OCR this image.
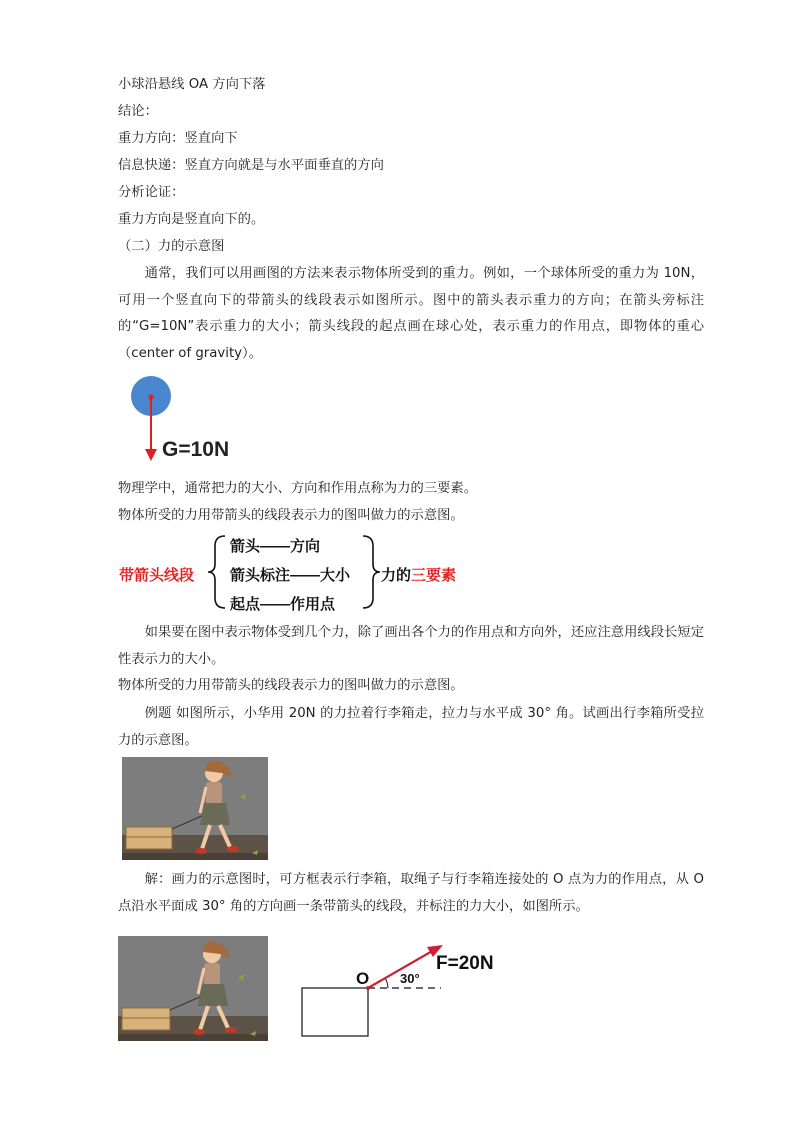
小球沿悬线 OA 方向下落
结论：
重力方向：竖直向下
信息快递：竖直方向就是与水平面垂直的方向
分析论证：
重力方向是竖直向下的。
（二）力的示意图
通常，我们可以用画图的方法来表示物体所受到的重力。例如，一个球体所受的重力为 10N，可用一个竖直向下的带箭头的线段表示如图所示。图中的箭头表示重力的方向；在箭头旁标注的“G=10N”表示重力的大小；箭头线段的起点画在球心处，表示重力的作用点，即物体的重心（center of gravity）。
G=10N
物理学中，通常把力的大小、方向和作用点称为力的三要素。
物体所受的力用带箭头的线段表示力的图叫做力的示意图。
带箭头线段
箭头——方向
箭头标注——大小
起点——作用点
力的三要素
如果要在图中表示物体受到几个力，除了画出各个力的作用点和方向外，还应注意用线段长短定性表示力的大小。
物体所受的力用带箭头的线段表示力的图叫做力的示意图。
例题 如图所示，小华用 20N 的力拉着行李箱走，拉力与水平成 30° 角。试画出行李箱所受拉力的示意图。
解：画力的示意图时，可方框表示行李箱，取绳子与行李箱连接处的 O 点为力的作用点，从 O 点沿水平面成 30° 角的方向画一条带箭头的线段，并标注的力大小，如图所示。
O 30°
F=20N
